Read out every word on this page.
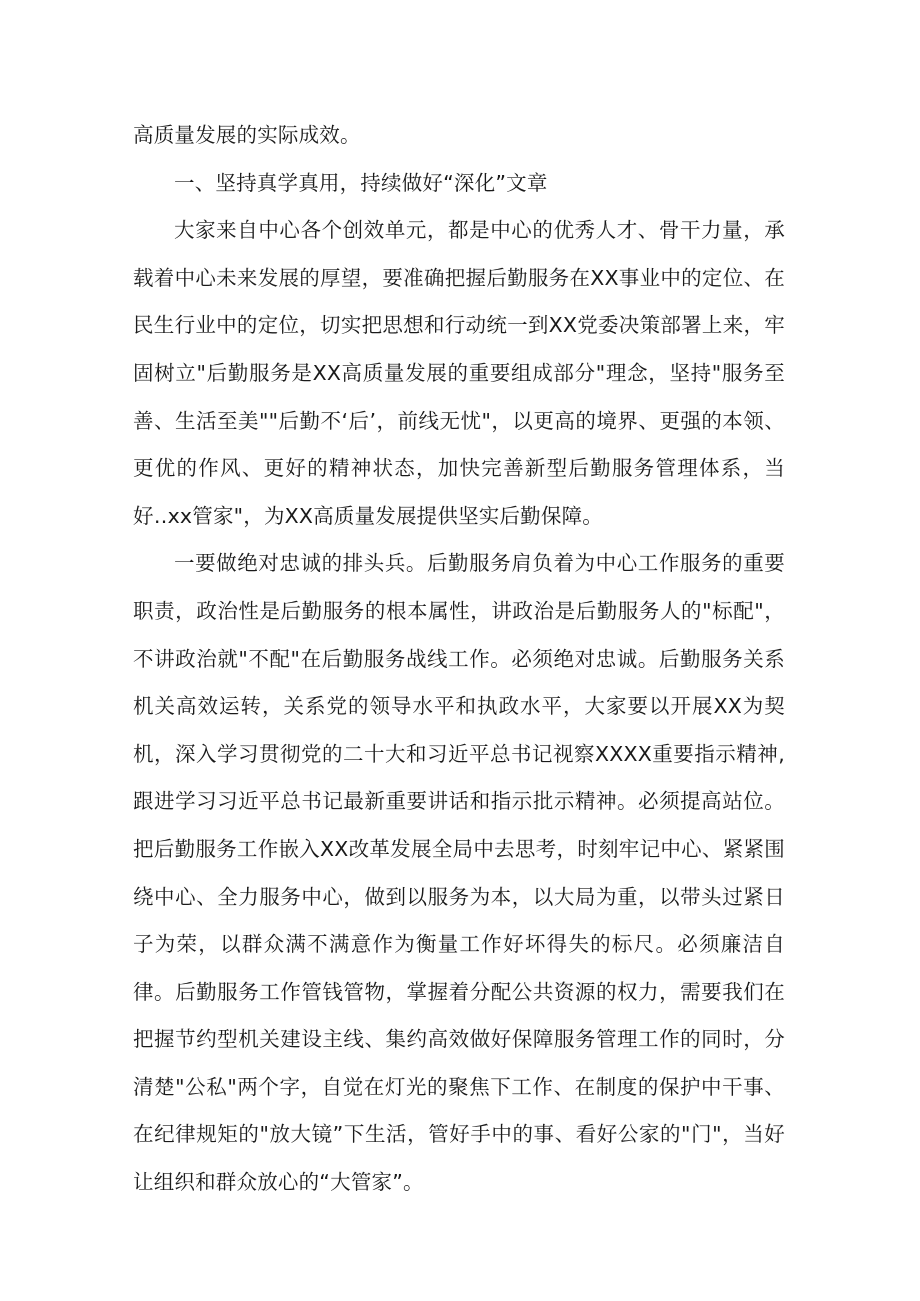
高质量发展的实际成效。

一、坚持真学真用，持续做好“深化”文章

大家来自中心各个创效单元，都是中心的优秀人才、骨干力量，承载着中心未来发展的厚望，要准确把握后勤服务在XX事业中的定位、在民生行业中的定位，切实把思想和行动统一到XX党委决策部署上来，牢固树立"后勤服务是XX高质量发展的重要组成部分"理念，坚持"服务至善、生活至美""后勤不‘后’，前线无忧"，以更高的境界、更强的本领、更优的作风、更好的精神状态，加快完善新型后勤服务管理体系，当好‥xx管家"，为XX高质量发展提供坚实后勤保障。

一要做绝对忠诚的排头兵。后勤服务肩负着为中心工作服务的重要职责，政治性是后勤服务的根本属性，讲政治是后勤服务人的"标配"，不讲政治就"不配"在后勤服务战线工作。必须绝对忠诚。后勤服务关系机关高效运转，关系党的领导水平和执政水平，大家要以开展XX为契机，深入学习贯彻党的二十大和习近平总书记视察XXXX重要指示精神,跟进学习习近平总书记最新重要讲话和指示批示精神。必须提高站位。把后勤服务工作嵌入XX改革发展全局中去思考，时刻牢记中心、紧紧围绕中心、全力服务中心，做到以服务为本，以大局为重，以带头过紧日子为荣，以群众满不满意作为衡量工作好坏得失的标尺。必须廉洁自律。后勤服务工作管钱管物，掌握着分配公共资源的权力，需要我们在把握节约型机关建设主线、集约高效做好保障服务管理工作的同时，分清楚"公私"两个字，自觉在灯光的聚焦下工作、在制度的保护中干事、在纪律规矩的"放大镜”下生活，管好手中的事、看好公家的"门"，当好让组织和群众放心的“大管家”。
